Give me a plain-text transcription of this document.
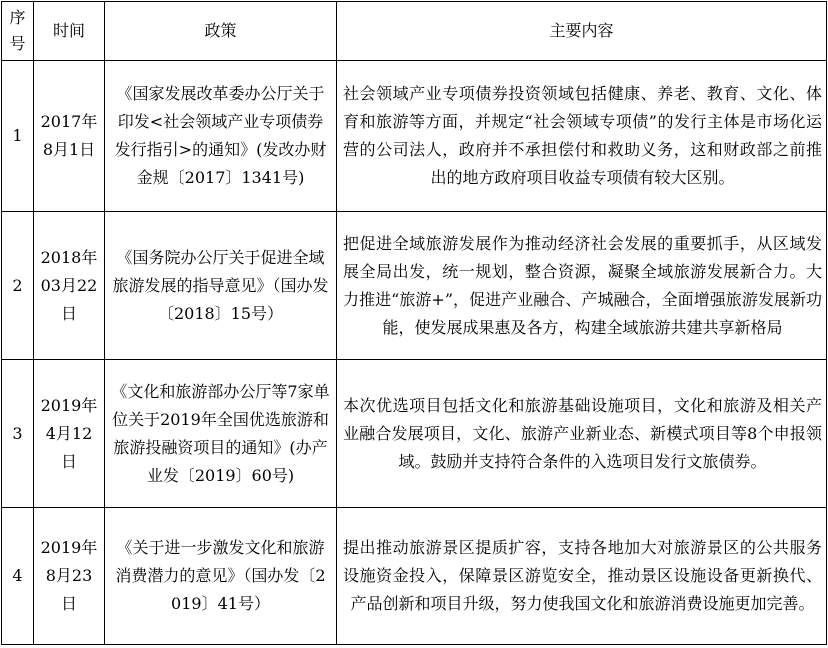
序号	时间	政策	主要内容
1	2017年8月1日	《国家发展改革委办公厅关于印发<社会领域产业专项债券发行指引>的通知》(发改办财金规〔2017〕1341号)	社会领域产业专项债券投资领域包括健康、养老、教育、文化、体育和旅游等方面，并规定“社会领域专项债”的发行主体是市场化运营的公司法人，政府并不承担偿付和救助义务，这和财政部之前推出的地方政府项目收益专项债有较大区别。
2	2018年03月22日	《国务院办公厅关于促进全域旅游发展的指导意见》（国办发〔2018〕15号）	把促进全域旅游发展作为推动经济社会发展的重要抓手，从区域发展全局出发，统一规划，整合资源，凝聚全域旅游发展新合力。大力推进“旅游+”，促进产业融合、产城融合，全面增强旅游发展新功能，使发展成果惠及各方，构建全域旅游共建共享新格局
3	2019年4月12日	《文化和旅游部办公厅等7家单位关于2019年全国优选旅游和旅游投融资项目的通知》(办产业发〔2019〕60号)	本次优选项目包括文化和旅游基础设施项目，文化和旅游及相关产业融合发展项目，文化、旅游产业新业态、新模式项目等8个申报领域。鼓励并支持符合条件的入选项目发行文旅债券。
4	2019年8月23日	《关于进一步激发文化和旅游消费潜力的意见》（国办发〔2019〕41号）	提出推动旅游景区提质扩容，支持各地加大对旅游景区的公共服务设施资金投入，保障景区游览安全，推动景区设施设备更新换代、产品创新和项目升级，努力使我国文化和旅游消费设施更加完善。
